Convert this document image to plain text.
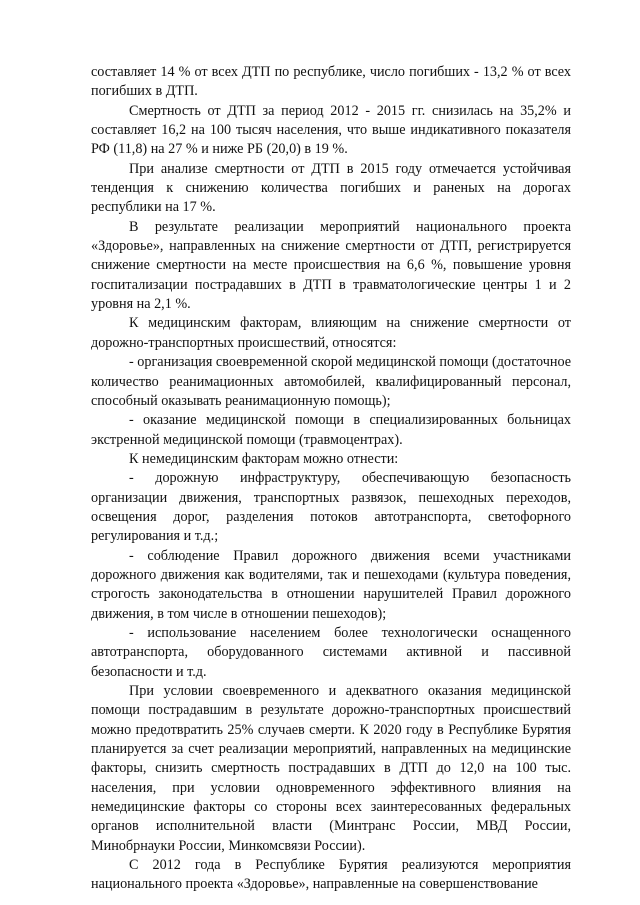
составляет 14 % от всех ДТП по республике, число погибших - 13,2 % от всех погибших в ДТП.

Смертность от ДТП за период 2012 - 2015 гг. снизилась на 35,2% и составляет 16,2 на 100 тысяч населения, что выше индикативного показателя РФ (11,8) на 27 % и ниже РБ (20,0) в 19 %.

При анализе смертности от ДТП в 2015 году отмечается устойчивая тенденция к снижению количества погибших и раненых на дорогах республики на 17 %.

В результате реализации мероприятий национального проекта «Здоровье», направленных на снижение смертности от ДТП, регистрируется снижение смертности на месте происшествия на 6,6 %, повышение уровня госпитализации пострадавших в ДТП в травматологические центры 1 и 2 уровня на 2,1 %.

К медицинским факторам, влияющим на снижение смертности от дорожно-транспортных происшествий, относятся:

- организация своевременной скорой медицинской помощи (достаточное количество реанимационных автомобилей, квалифицированный персонал, способный оказывать реанимационную помощь);

- оказание медицинской помощи в специализированных больницах экстренной медицинской помощи (травмоцентрах).

К немедицинским факторам можно отнести:

- дорожную инфраструктуру, обеспечивающую безопасность организации движения, транспортных развязок, пешеходных переходов, освещения дорог, разделения потоков автотранспорта, светофорного регулирования и т.д.;

- соблюдение Правил дорожного движения всеми участниками дорожного движения как водителями, так и пешеходами (культура поведения, строгость законодательства в отношении нарушителей Правил дорожного движения, в том числе в отношении пешеходов);

- использование населением более технологически оснащенного автотранспорта, оборудованного системами активной и пассивной безопасности и т.д.

При условии своевременного и адекватного оказания медицинской помощи пострадавшим в результате дорожно-транспортных происшествий можно предотвратить 25% случаев смерти. К 2020 году в Республике Бурятия планируется за счет реализации мероприятий, направленных на медицинские факторы, снизить смертность пострадавших в ДТП до 12,0 на 100 тыс. населения, при условии одновременного эффективного влияния на немедицинские факторы со стороны всех заинтересованных федеральных органов исполнительной власти (Минтранс России, МВД России, Минобрнауки России, Минкомсвязи России).

С 2012 года в Республике Бурятия реализуются мероприятия национального проекта «Здоровье», направленные на совершенствование
